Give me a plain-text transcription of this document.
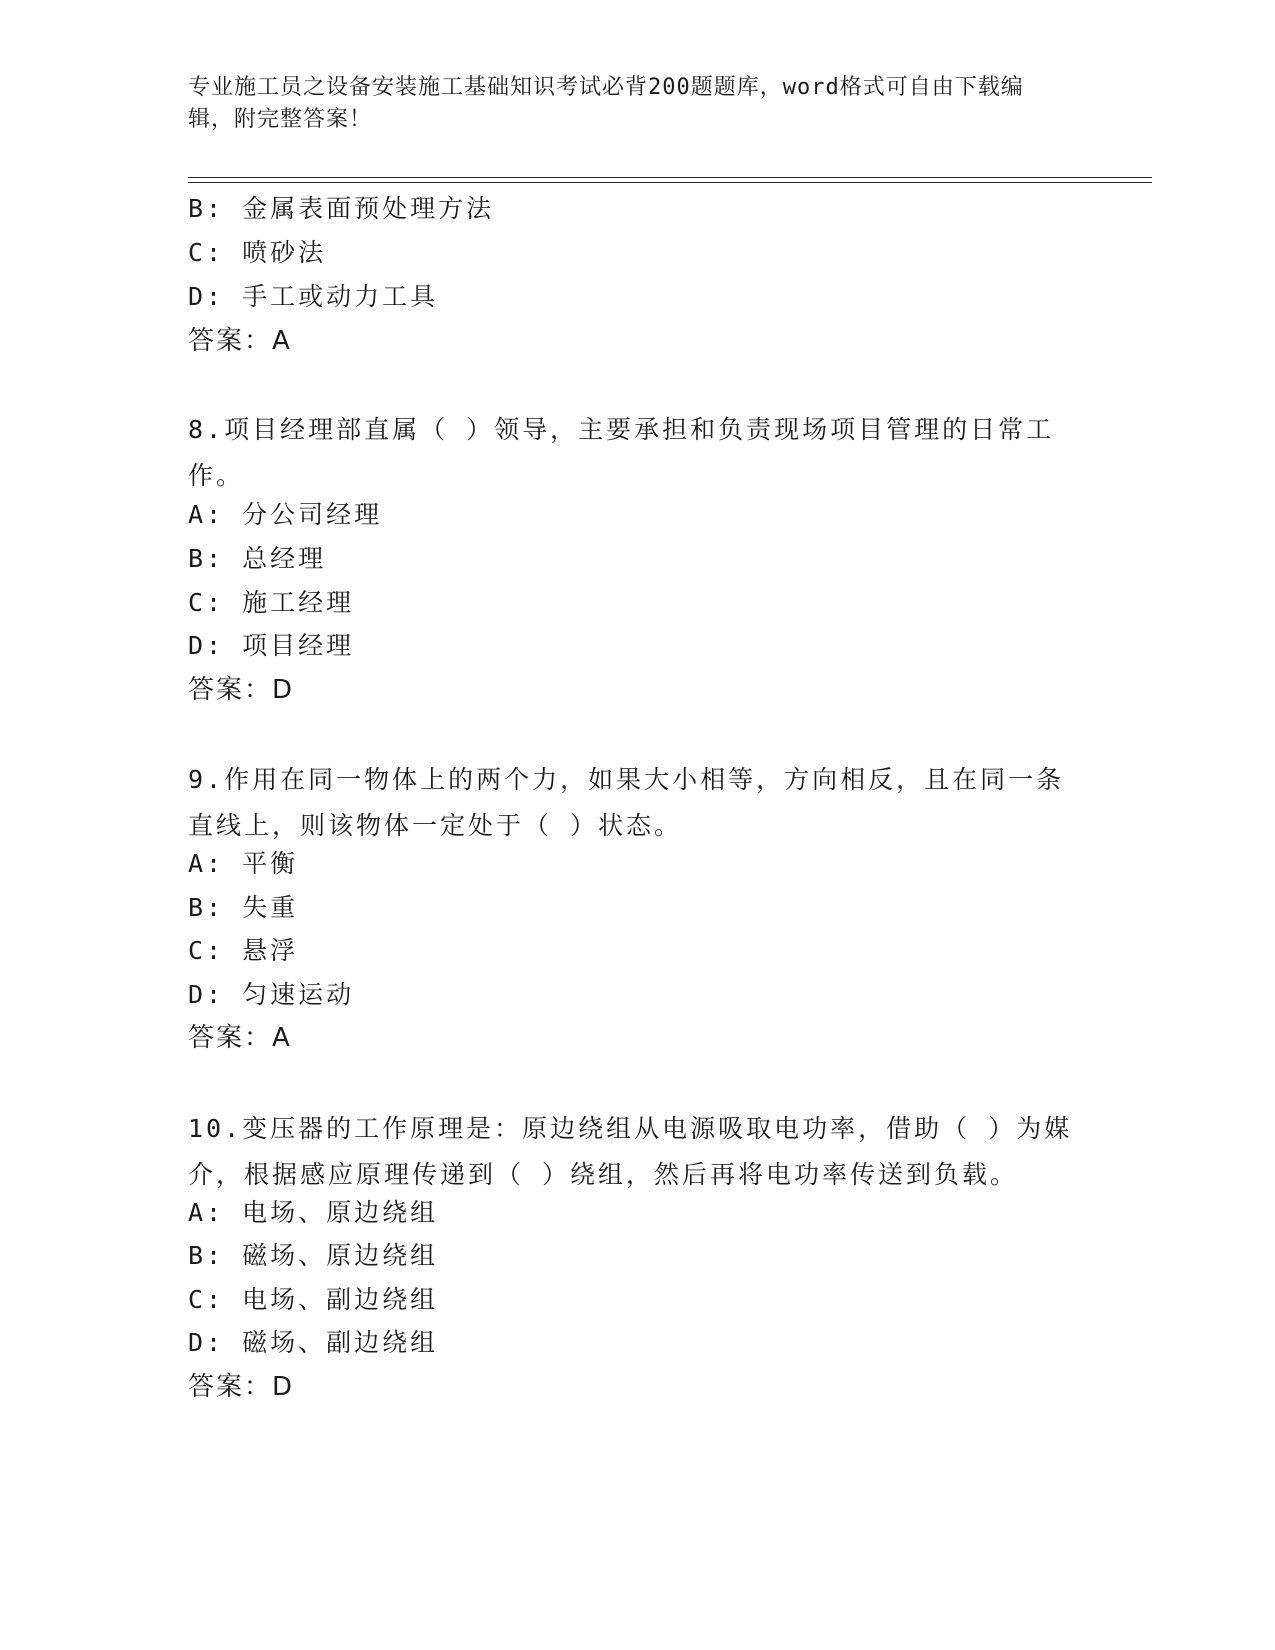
专业施工员之设备安装施工基础知识考试必背200题题库，word格式可自由下载编辑，附完整答案！
B: 金属表面预处理方法
C: 喷砂法
D: 手工或动力工具
答案：A
8.项目经理部直属（ ）领导，主要承担和负责现场项目管理的日常工作。
A: 分公司经理
B: 总经理
C: 施工经理
D: 项目经理
答案：D
9.作用在同一物体上的两个力，如果大小相等，方向相反，且在同一条直线上，则该物体一定处于（ ）状态。
A: 平衡
B: 失重
C: 悬浮
D: 匀速运动
答案：A
10.变压器的工作原理是：原边绕组从电源吸取电功率，借助（ ）为媒介，根据感应原理传递到（ ）绕组，然后再将电功率传送到负载。
A: 电场、原边绕组
B: 磁场、原边绕组
C: 电场、副边绕组
D: 磁场、副边绕组
答案：D
